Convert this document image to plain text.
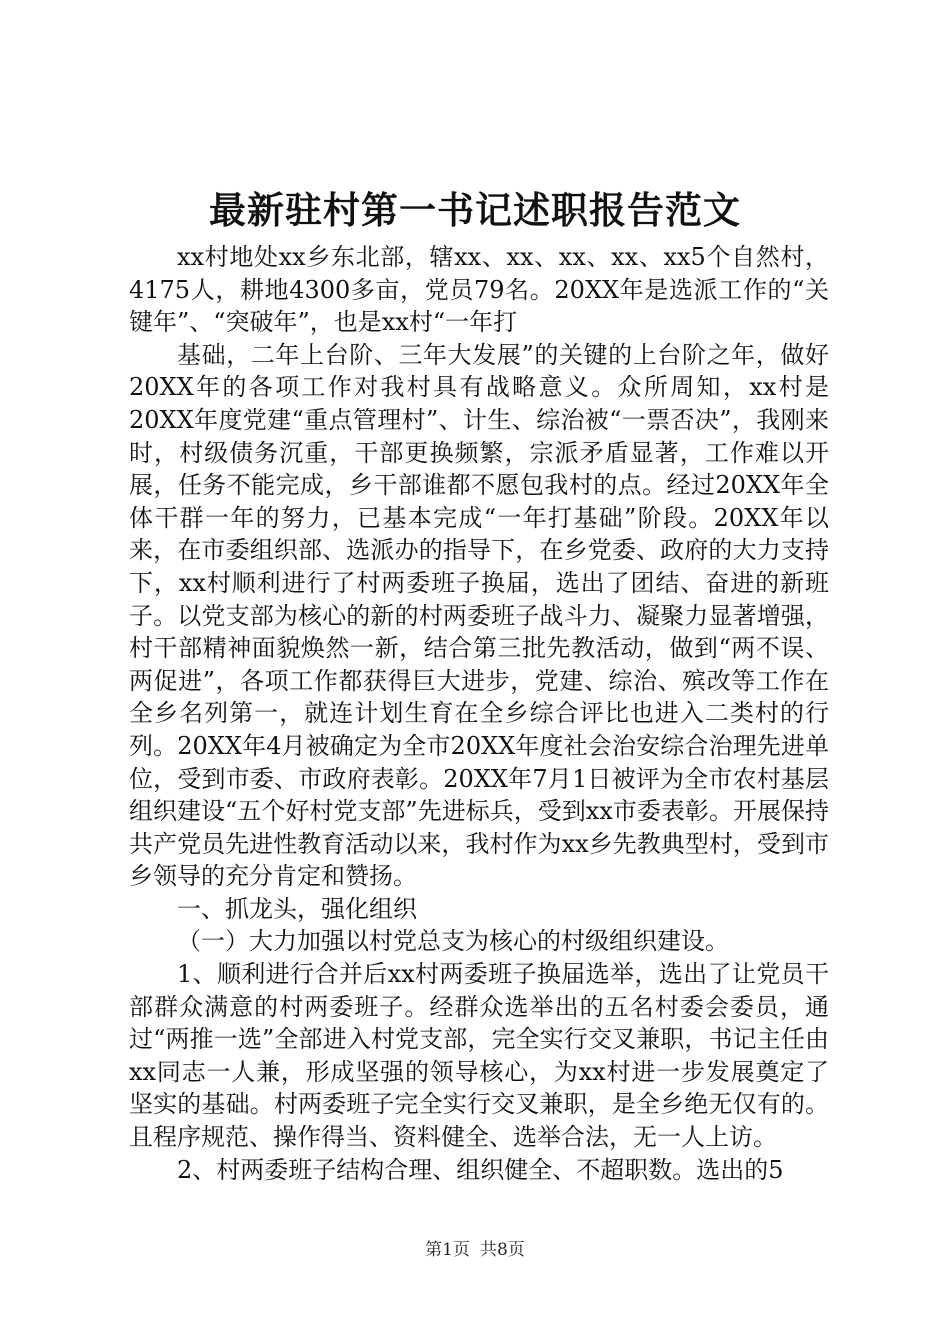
最新驻村第一书记述职报告范文

xx村地处xx乡东北部，辖xx、xx、xx、xx、xx5个自然村，4175人，耕地4300多亩，党员79名。20XX年是选派工作的“关键年”、“突破年”，也是xx村“一年打

基础，二年上台阶、三年大发展”的关键的上台阶之年，做好20XX年的各项工作对我村具有战略意义。众所周知，xx村是20XX年度党建“重点管理村”、计生、综治被“一票否决”，我刚来时，村级债务沉重，干部更换频繁，宗派矛盾显著，工作难以开展，任务不能完成，乡干部谁都不愿包我村的点。经过20XX年全体干群一年的努力，已基本完成“一年打基础”阶段。20XX年以来，在市委组织部、选派办的指导下，在乡党委、政府的大力支持下，xx村顺利进行了村两委班子换届，选出了团结、奋进的新班子。以党支部为核心的新的村两委班子战斗力、凝聚力显著增强，村干部精神面貌焕然一新，结合第三批先教活动，做到“两不误、两促进”，各项工作都获得巨大进步，党建、综治、殡改等工作在全乡名列第一，就连计划生育在全乡综合评比也进入二类村的行列。20XX年4月被确定为全市20XX年度社会治安综合治理先进单位，受到市委、市政府表彰。20XX年7月1日被评为全市农村基层组织建设“五个好村党支部”先进标兵，受到xx市委表彰。开展保持共产党员先进性教育活动以来，我村作为xx乡先教典型村，受到市乡领导的充分肯定和赞扬。

一、抓龙头，强化组织

（一）大力加强以村党总支为核心的村级组织建设。

1、顺利进行合并后xx村两委班子换届选举，选出了让党员干部群众满意的村两委班子。经群众选举出的五名村委会委员，通过“两推一选”全部进入村党支部，完全实行交叉兼职，书记主任由xx同志一人兼，形成坚强的领导核心，为xx村进一步发展奠定了坚实的基础。村两委班子完全实行交叉兼职，是全乡绝无仅有的。且程序规范、操作得当、资料健全、选举合法，无一人上访。

2、村两委班子结构合理、组织健全、不超职数。选出的5

第1页 共8页
